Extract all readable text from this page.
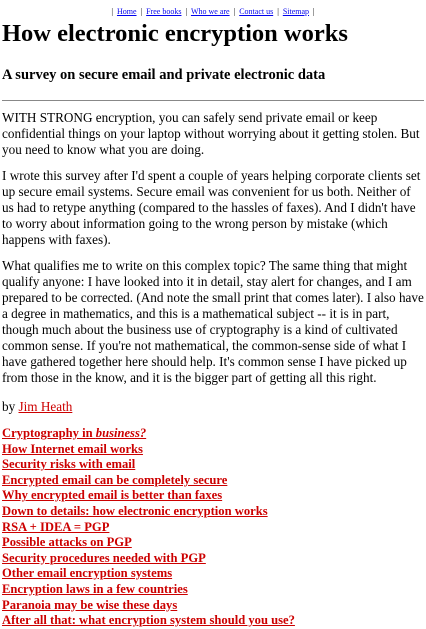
| Home | Free books | Who we are | Contact us | Sitemap |
How electronic encryption works
A survey on secure email and private electronic data

WITH STRONG encryption, you can safely send private email or keep confidential things on your laptop without worrying about it getting stolen. But you need to know what you are doing.

I wrote this survey after I'd spent a couple of years helping corporate clients set up secure email systems. Secure email was convenient for us both. Neither of us had to retype anything (compared to the hassles of faxes). And I didn't have to worry about information going to the wrong person by mistake (which happens with faxes).

What qualifies me to write on this complex topic? The same thing that might qualify anyone: I have looked into it in detail, stay alert for changes, and I am prepared to be corrected. (And note the small print that comes later). I also have a degree in mathematics, and this is a mathematical subject -- it is in part, though much about the business use of cryptography is a kind of cultivated common sense. If you're not mathematical, the common-sense side of what I have gathered together here should help. It's common sense I have picked up from those in the know, and it is the bigger part of getting all this right.

by Jim Heath

Cryptography in business?
How Internet email works
Security risks with email
Encrypted email can be completely secure
Why encrypted email is better than faxes
Down to details: how electronic encryption works
RSA + IDEA = PGP
Possible attacks on PGP
Security procedures needed with PGP
Other email encryption systems
Encryption laws in a few countries
Paranoia may be wise these days
After all that: what encryption system should you use?
